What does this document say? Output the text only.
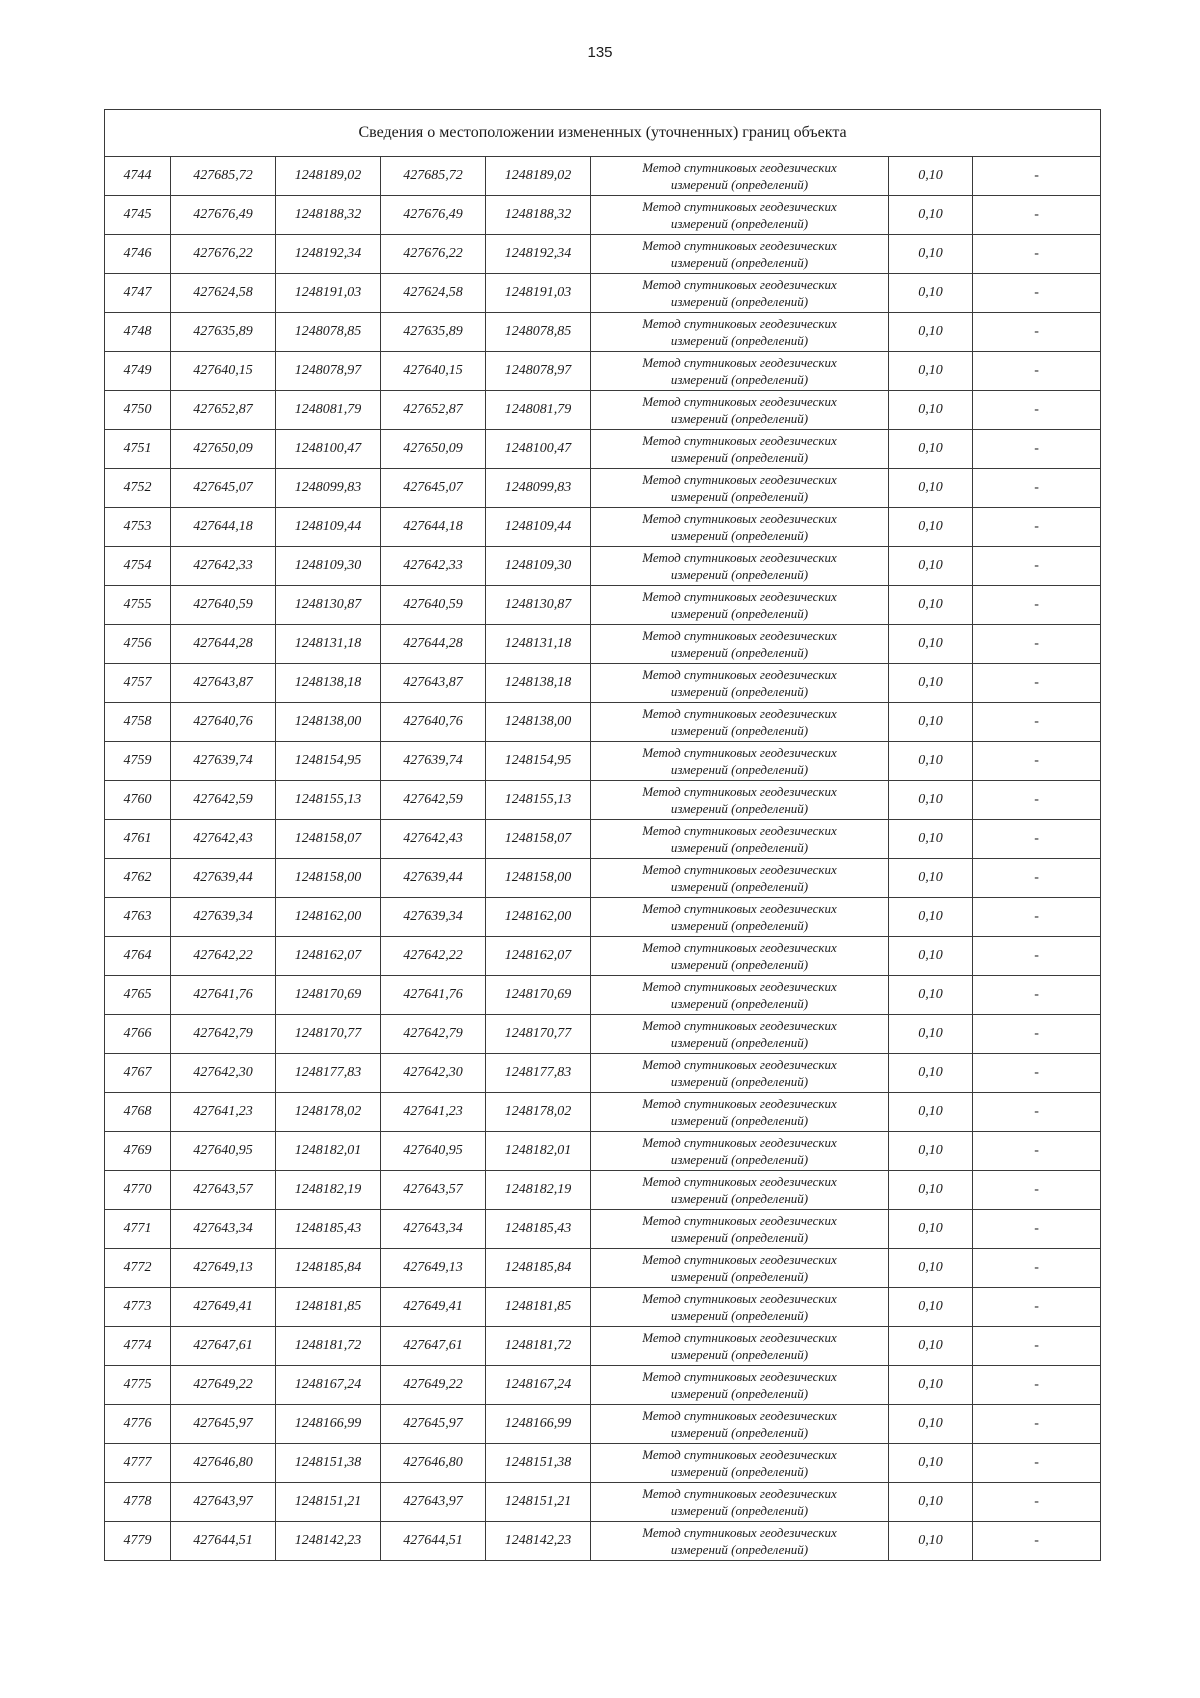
135
Сведения о местоположении измененных (уточненных) границ объекта							
4744	427685,72	1248189,02	427685,72	1248189,02	Метод спутниковых геодезических
измерений (определений)	0,10	-
4745	427676,49	1248188,32	427676,49	1248188,32	Метод спутниковых геодезических
измерений (определений)	0,10	-
4746	427676,22	1248192,34	427676,22	1248192,34	Метод спутниковых геодезических
измерений (определений)	0,10	-
4747	427624,58	1248191,03	427624,58	1248191,03	Метод спутниковых геодезических
измерений (определений)	0,10	-
4748	427635,89	1248078,85	427635,89	1248078,85	Метод спутниковых геодезических
измерений (определений)	0,10	-
4749	427640,15	1248078,97	427640,15	1248078,97	Метод спутниковых геодезических
измерений (определений)	0,10	-
4750	427652,87	1248081,79	427652,87	1248081,79	Метод спутниковых геодезических
измерений (определений)	0,10	-
4751	427650,09	1248100,47	427650,09	1248100,47	Метод спутниковых геодезических
измерений (определений)	0,10	-
4752	427645,07	1248099,83	427645,07	1248099,83	Метод спутниковых геодезических
измерений (определений)	0,10	-
4753	427644,18	1248109,44	427644,18	1248109,44	Метод спутниковых геодезических
измерений (определений)	0,10	-
4754	427642,33	1248109,30	427642,33	1248109,30	Метод спутниковых геодезических
измерений (определений)	0,10	-
4755	427640,59	1248130,87	427640,59	1248130,87	Метод спутниковых геодезических
измерений (определений)	0,10	-
4756	427644,28	1248131,18	427644,28	1248131,18	Метод спутниковых геодезических
измерений (определений)	0,10	-
4757	427643,87	1248138,18	427643,87	1248138,18	Метод спутниковых геодезических
измерений (определений)	0,10	-
4758	427640,76	1248138,00	427640,76	1248138,00	Метод спутниковых геодезических
измерений (определений)	0,10	-
4759	427639,74	1248154,95	427639,74	1248154,95	Метод спутниковых геодезических
измерений (определений)	0,10	-
4760	427642,59	1248155,13	427642,59	1248155,13	Метод спутниковых геодезических
измерений (определений)	0,10	-
4761	427642,43	1248158,07	427642,43	1248158,07	Метод спутниковых геодезических
измерений (определений)	0,10	-
4762	427639,44	1248158,00	427639,44	1248158,00	Метод спутниковых геодезических
измерений (определений)	0,10	-
4763	427639,34	1248162,00	427639,34	1248162,00	Метод спутниковых геодезических
измерений (определений)	0,10	-
4764	427642,22	1248162,07	427642,22	1248162,07	Метод спутниковых геодезических
измерений (определений)	0,10	-
4765	427641,76	1248170,69	427641,76	1248170,69	Метод спутниковых геодезических
измерений (определений)	0,10	-
4766	427642,79	1248170,77	427642,79	1248170,77	Метод спутниковых геодезических
измерений (определений)	0,10	-
4767	427642,30	1248177,83	427642,30	1248177,83	Метод спутниковых геодезических
измерений (определений)	0,10	-
4768	427641,23	1248178,02	427641,23	1248178,02	Метод спутниковых геодезических
измерений (определений)	0,10	-
4769	427640,95	1248182,01	427640,95	1248182,01	Метод спутниковых геодезических
измерений (определений)	0,10	-
4770	427643,57	1248182,19	427643,57	1248182,19	Метод спутниковых геодезических
измерений (определений)	0,10	-
4771	427643,34	1248185,43	427643,34	1248185,43	Метод спутниковых геодезических
измерений (определений)	0,10	-
4772	427649,13	1248185,84	427649,13	1248185,84	Метод спутниковых геодезических
измерений (определений)	0,10	-
4773	427649,41	1248181,85	427649,41	1248181,85	Метод спутниковых геодезических
измерений (определений)	0,10	-
4774	427647,61	1248181,72	427647,61	1248181,72	Метод спутниковых геодезических
измерений (определений)	0,10	-
4775	427649,22	1248167,24	427649,22	1248167,24	Метод спутниковых геодезических
измерений (определений)	0,10	-
4776	427645,97	1248166,99	427645,97	1248166,99	Метод спутниковых геодезических
измерений (определений)	0,10	-
4777	427646,80	1248151,38	427646,80	1248151,38	Метод спутниковых геодезических
измерений (определений)	0,10	-
4778	427643,97	1248151,21	427643,97	1248151,21	Метод спутниковых геодезических
измерений (определений)	0,10	-
4779	427644,51	1248142,23	427644,51	1248142,23	Метод спутниковых геодезических
измерений (определений)	0,10	-
